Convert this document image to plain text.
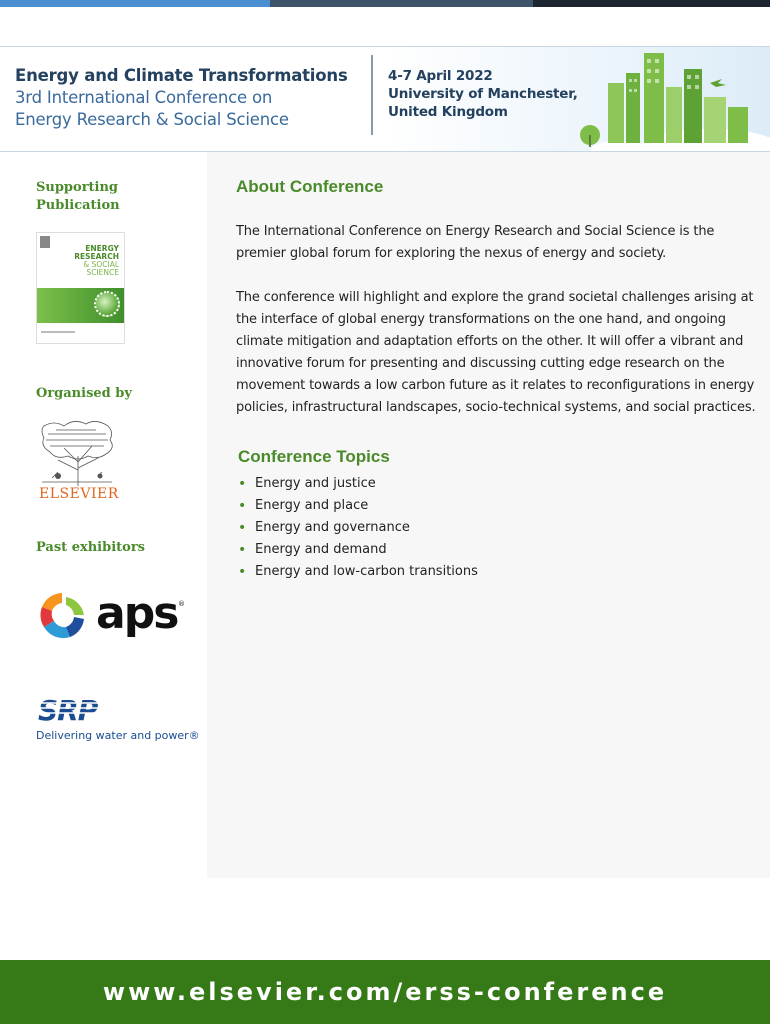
Energy and Climate Transformations
3rd International Conference on
Energy Research & Social Science
4-7 April 2022
University of Manchester,
United Kingdom
Supporting
Publication
ENERGY
RESEARCH
& SOCIAL
SCIENCE
Organised by
ELSEVIER
Past exhibitors
aps ®
SRP
Delivering water and power®
About Conference

The International Conference on Energy Research and Social Science is the premier global forum for exploring the nexus of energy and society.

The conference will highlight and explore the grand societal challenges arising at the interface of global energy transformations on the one hand, and ongoing climate mitigation and adaptation efforts on the other. It will offer a vibrant and innovative forum for presenting and discussing cutting edge research on the movement towards a low carbon future as it relates to reconfigurations in energy policies, infrastructural landscapes, socio-technical systems, and social practices.

Conference Topics
• Energy and justice
• Energy and place
• Energy and governance
• Energy and demand
• Energy and low-carbon transitions
www.elsevier.com/erss-conference
